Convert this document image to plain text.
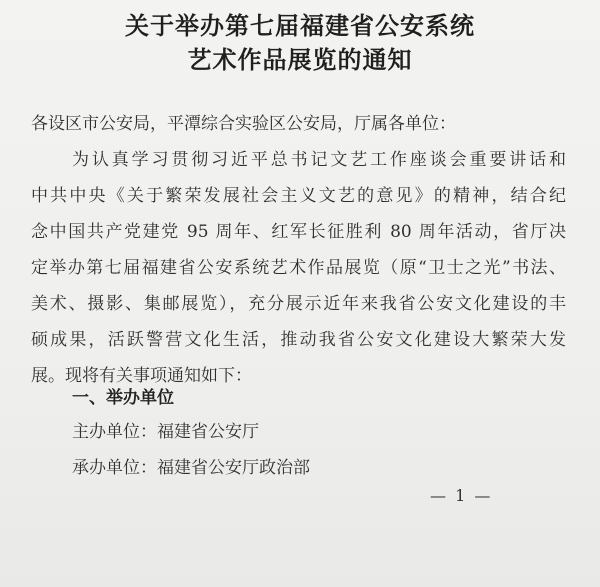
关于举办第七届福建省公安系统
艺术作品展览的通知
各设区市公安局，平潭综合实验区公安局，厅属各单位：
为认真学习贯彻习近平总书记文艺工作座谈会重要讲话和
中共中央《关于繁荣发展社会主义文艺的意见》的精神，结合纪
念中国共产党建党 95 周年、红军长征胜利 80 周年活动，省厅决
定举办第七届福建省公安系统艺术作品展览（原“卫士之光”书法、
美术、摄影、集邮展览），充分展示近年来我省公安文化建设的丰
硕成果，活跃警营文化生活，推动我省公安文化建设大繁荣大发
展。现将有关事项通知如下：
一、举办单位
主办单位：福建省公安厅
承办单位：福建省公安厅政治部
— 1 —
